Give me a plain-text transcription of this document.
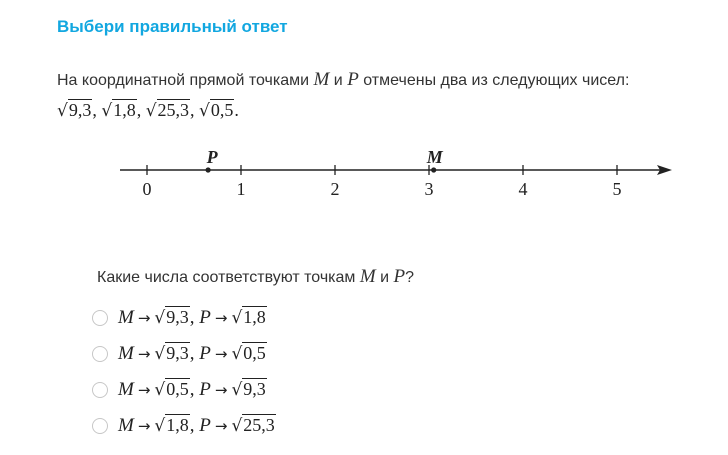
Выбери правильный ответ
На координатной прямой точками M и P отмечены два из следующих чисел:
√9,3, √1,8, √25,3, √0,5.
0	1	2	3	4	5
P	M
Какие числа соответствуют точкам M и P?
M → √9,3, P → √1,8
M → √9,3, P → √0,5
M → √0,5, P → √9,3
M → √1,8, P → √25,3
